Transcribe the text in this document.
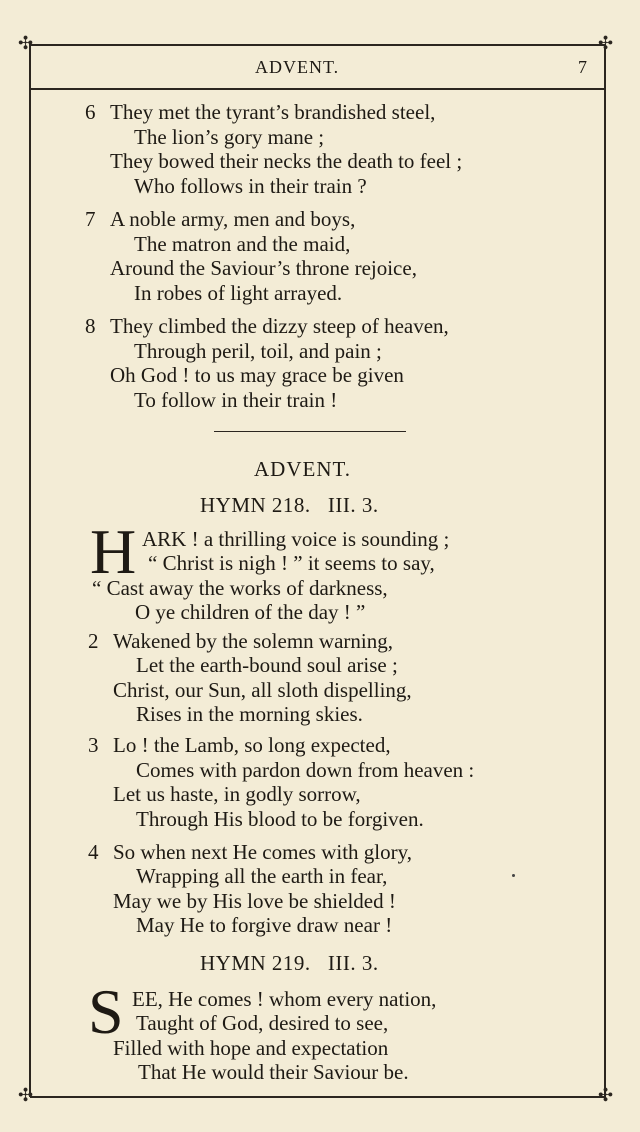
✣	✣
✣	✣
ADVENT.	7
6 They met the tyrant’s brandished steel,
The lion’s gory mane ;
They bowed their necks the death to feel ;
Who follows in their train ?
7 A noble army, men and boys,
The matron and the maid,
Around the Saviour’s throne rejoice,
In robes of light arrayed.
8 They climbed the dizzy steep of heaven,
Through peril, toil, and pain ;
Oh God ! to us may grace be given
To follow in their train !
ADVENT.
HYMN 218.   III. 3.
H ARK ! a thrilling voice is sounding ;
“ Christ is nigh ! ” it seems to say,
“ Cast away the works of darkness,
O ye children of the day ! ”
2 Wakened by the solemn warning,
Let the earth-bound soul arise ;
Christ, our Sun, all sloth dispelling,
Rises in the morning skies.
3 Lo ! the Lamb, so long expected,
Comes with pardon down from heaven :
Let us haste, in godly sorrow,
Through His blood to be forgiven.
4 So when next He comes with glory,
Wrapping all the earth in fear,
May we by His love be shielded !
May He to forgive draw near !
HYMN 219.   III. 3.
S EE, He comes ! whom every nation,
Taught of God, desired to see,
Filled with hope and expectation
That He would their Saviour be.
